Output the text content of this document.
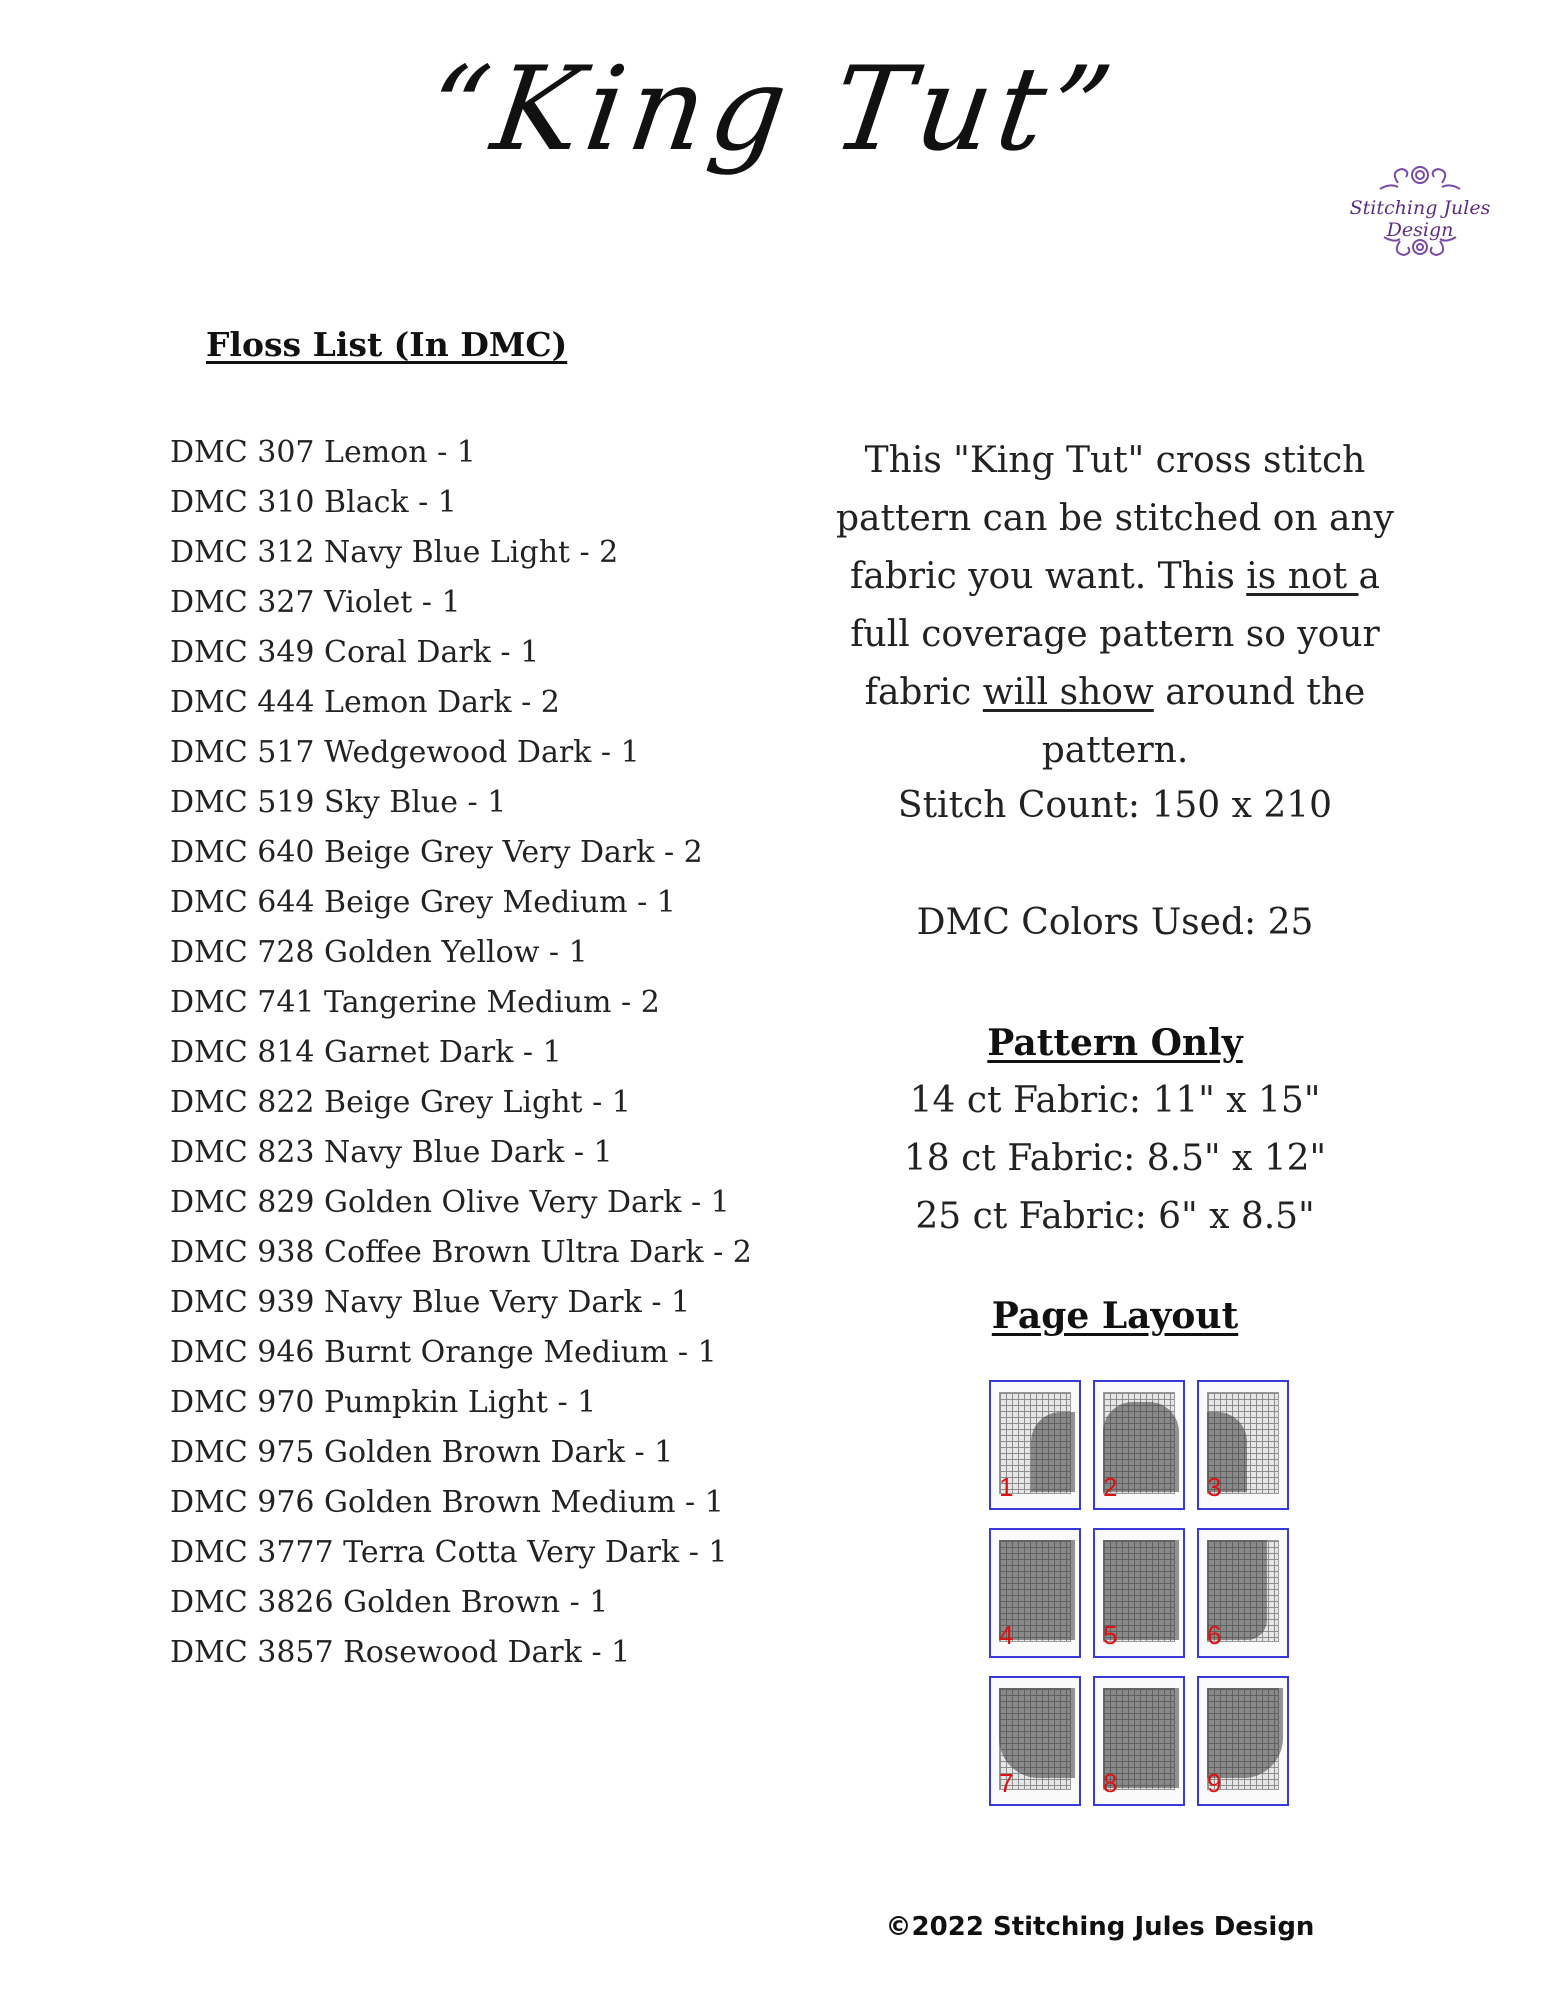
“King Tut”
Stitching Jules Design
Floss List (In DMC)
DMC 307 Lemon - 1
DMC 310 Black - 1
DMC 312 Navy Blue Light - 2
DMC 327 Violet - 1
DMC 349 Coral Dark - 1
DMC 444 Lemon Dark - 2
DMC 517 Wedgewood Dark - 1
DMC 519 Sky Blue - 1
DMC 640 Beige Grey Very Dark - 2
DMC 644 Beige Grey Medium - 1
DMC 728 Golden Yellow - 1
DMC 741 Tangerine Medium - 2
DMC 814 Garnet Dark - 1
DMC 822 Beige Grey Light - 1
DMC 823 Navy Blue Dark - 1
DMC 829 Golden Olive Very Dark - 1
DMC 938 Coffee Brown Ultra Dark - 2
DMC 939 Navy Blue Very Dark - 1
DMC 946 Burnt Orange Medium - 1
DMC 970 Pumpkin Light - 1
DMC 975 Golden Brown Dark - 1
DMC 976 Golden Brown Medium - 1
DMC 3777 Terra Cotta Very Dark - 1
DMC 3826 Golden Brown - 1
DMC 3857 Rosewood Dark - 1
This "King Tut" cross stitch pattern can be stitched on any fabric you want. This is not a full coverage pattern so your fabric will show around the pattern.
Stitch Count: 150 x 210
DMC Colors Used: 25
Pattern Only
14 ct Fabric: 11" x 15"
18 ct Fabric: 8.5" x 12"
25 ct Fabric: 6" x 8.5"
Page Layout
1	2	3
4	5	6
7	8	9
©2022 Stitching Jules Design
